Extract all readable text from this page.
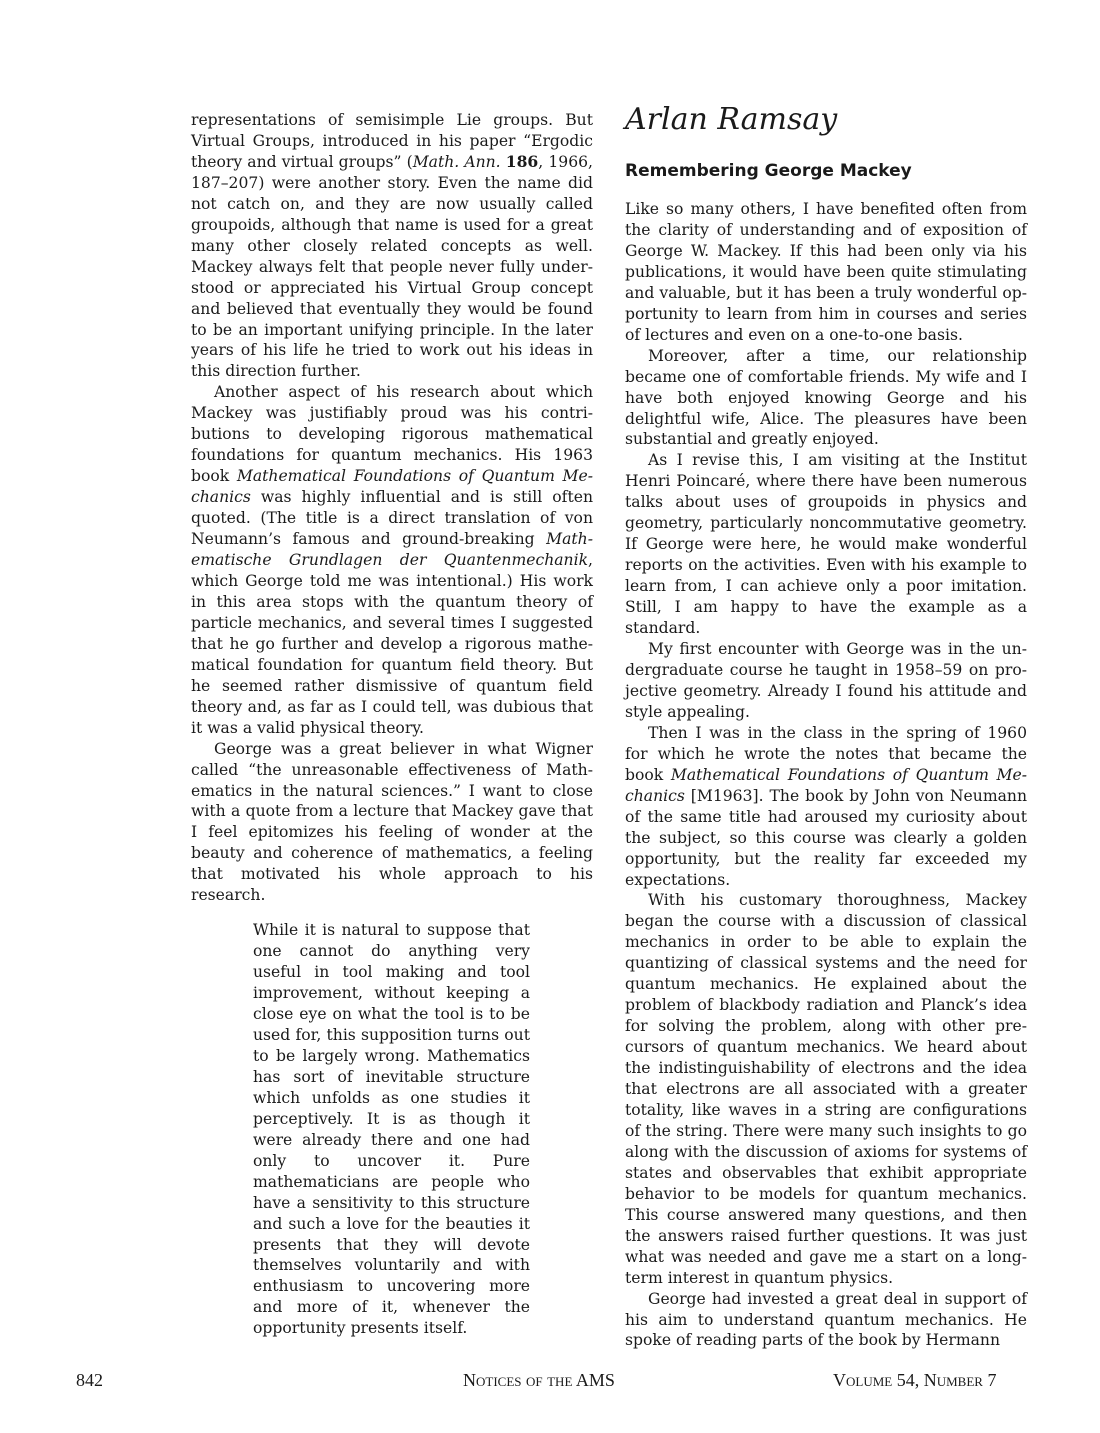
representations of semisimple Lie groups. But Virtual Groups, introduced in his paper “Ergodic theory and virtual groups” (Math. Ann. 186, 1966, 187–207) were another story. Even the name did not catch on, and they are now usually called groupoids, although that name is used for a great many other closely related concepts as well. Mackey always felt that people never fully understood or appreciated his Virtual Group concept and believed that eventually they would be found to be an important unifying principle. In the later years of his life he tried to work out his ideas in this direction further.

Another aspect of his research about which Mackey was justifiably proud was his contributions to developing rigorous mathematical foundations for quantum mechanics. His 1963 book Mathematical Foundations of Quantum Mechanics was highly influential and is still often quoted. (The title is a direct translation of von Neumann’s famous and ground-breaking Mathematische Grundlagen der Quantenmechanik, which George told me was intentional.) His work in this area stops with the quantum theory of particle mechanics, and several times I suggested that he go further and develop a rigorous mathematical foundation for quantum field theory. But he seemed rather dismissive of quantum field theory and, as far as I could tell, was dubious that it was a valid physical theory.

George was a great believer in what Wigner called “the unreasonable effectiveness of Mathematics in the natural sciences.” I want to close with a quote from a lecture that Mackey gave that I feel epitomizes his feeling of wonder at the beauty and coherence of mathematics, a feeling that motivated his whole approach to his research.

While it is natural to suppose that one cannot do anything very useful in tool making and tool improvement, without keeping a close eye on what the tool is to be used for, this supposition turns out to be largely wrong. Mathematics has sort of inevitable structure which unfolds as one studies it perceptively. It is as though it were already there and one had only to uncover it. Pure mathematicians are people who have a sensitivity to this structure and such a love for the beauties it presents that they will devote themselves voluntarily and with enthusiasm to uncovering more and more of it, whenever the opportunity presents itself.

Arlan Ramsay
Remembering George Mackey

Like so many others, I have benefited often from the clarity of understanding and of exposition of George W. Mackey. If this had been only via his publications, it would have been quite stimulating and valuable, but it has been a truly wonderful opportunity to learn from him in courses and series of lectures and even on a one-to-one basis.

Moreover, after a time, our relationship became one of comfortable friends. My wife and I have both enjoyed knowing George and his delightful wife, Alice. The pleasures have been substantial and greatly enjoyed.

As I revise this, I am visiting at the Institut Henri Poincaré, where there have been numerous talks about uses of groupoids in physics and geometry, particularly noncommutative geometry. If George were here, he would make wonderful reports on the activities. Even with his example to learn from, I can achieve only a poor imitation. Still, I am happy to have the example as a standard.

My first encounter with George was in the undergraduate course he taught in 1958–59 on projective geometry. Already I found his attitude and style appealing.

Then I was in the class in the spring of 1960 for which he wrote the notes that became the book Mathematical Foundations of Quantum Mechanics [M1963]. The book by John von Neumann of the same title had aroused my curiosity about the subject, so this course was clearly a golden opportunity, but the reality far exceeded my expectations.

With his customary thoroughness, Mackey began the course with a discussion of classical mechanics in order to be able to explain the quantizing of classical systems and the need for quantum mechanics. He explained about the problem of blackbody radiation and Planck’s idea for solving the problem, along with other precursors of quantum mechanics. We heard about the indistinguishability of electrons and the idea that electrons are all associated with a greater totality, like waves in a string are configurations of the string. There were many such insights to go along with the discussion of axioms for systems of states and observables that exhibit appropriate behavior to be models for quantum mechanics. This course answered many questions, and then the answers raised further questions. It was just what was needed and gave me a start on a long-term interest in quantum physics.

George had invested a great deal in support of his aim to understand quantum mechanics. He spoke of reading parts of the book by Hermann

842	Notices of the AMS	Volume 54, Number 7
